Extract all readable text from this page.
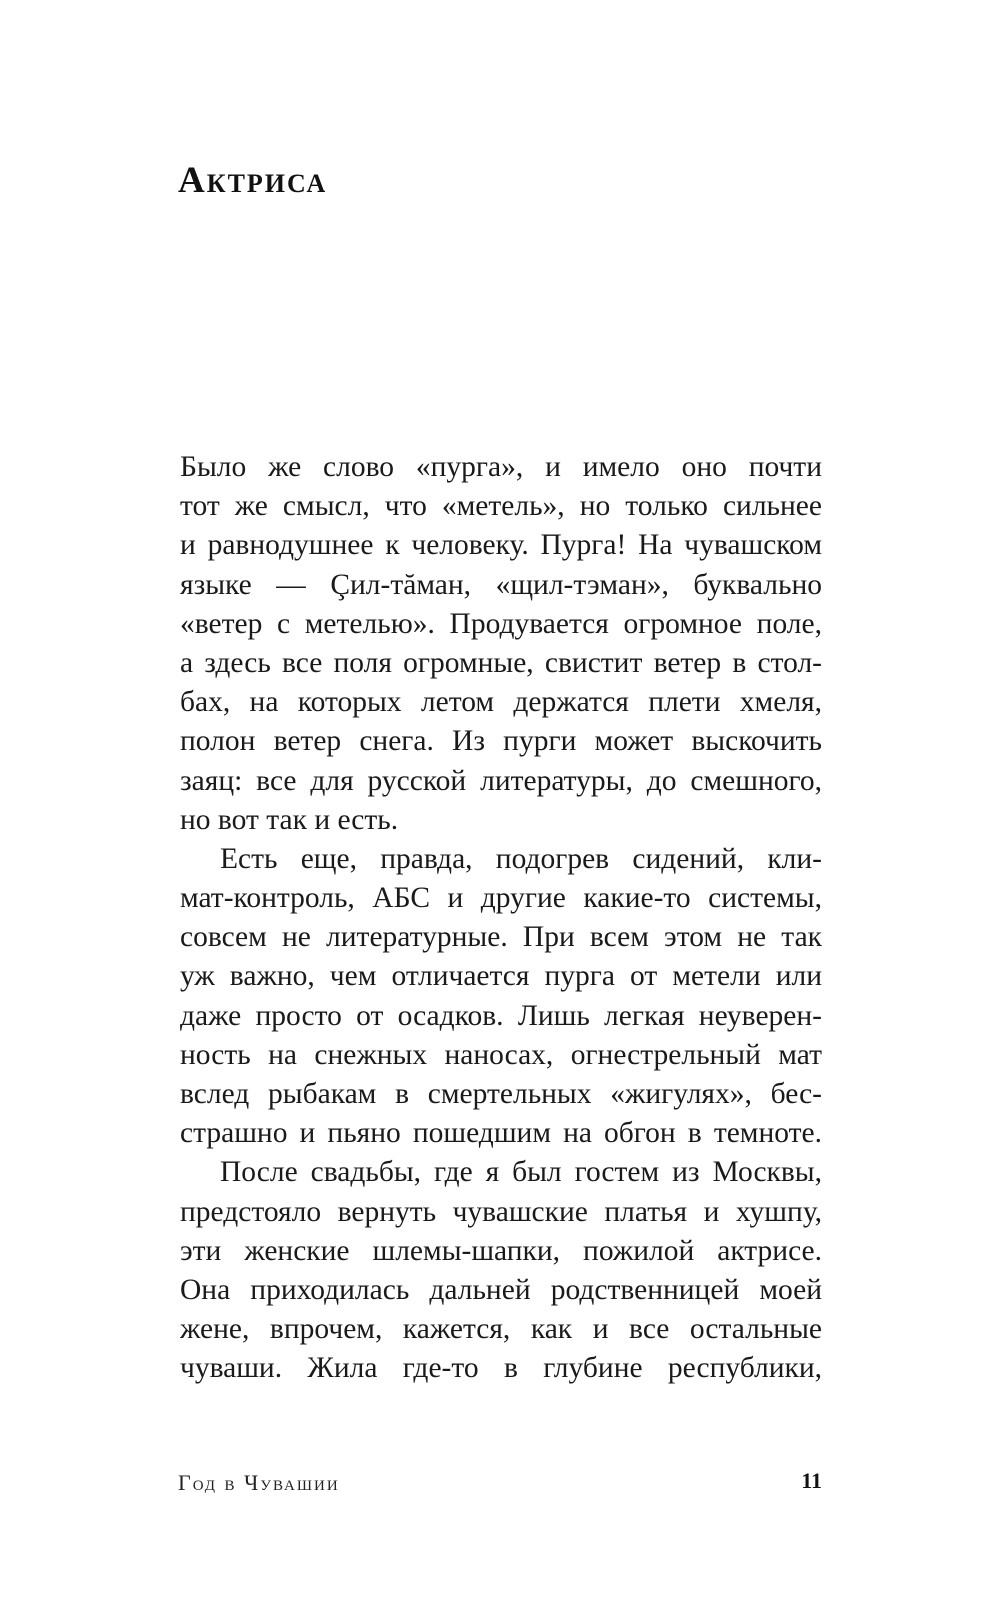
Актриса

Было же слово «пурга», и имело оно почти
тот же смысл, что «метель», но только сильнее
и равнодушнее к человеку. Пурга! На чувашском
языке — Çил-тăман, «щил-тэман», буквально
«ветер с метелью». Продувается огромное поле,
а здесь все поля огромные, свистит ветер в стол-
бах, на которых летом держатся плети хмеля,
полон ветер снега. Из пурги может выскочить
заяц: все для русской литературы, до смешного,
но вот так и есть.

Есть еще, правда, подогрев сидений, кли-
мат-контроль, АБС и другие какие-то системы,
совсем не литературные. При всем этом не так
уж важно, чем отличается пурга от метели или
даже просто от осадков. Лишь легкая неуверен-
ность на снежных наносах, огнестрельный мат
вслед рыбакам в смертельных «жигулях», бес-
страшно и пьяно пошедшим на обгон в темноте.

После свадьбы, где я был гостем из Москвы,
предстояло вернуть чувашские платья и хушпу,
эти женские шлемы-шапки, пожилой актрисе.
Она приходилась дальней родственницей моей
жене, впрочем, кажется, как и все остальные
чуваши. Жила где-то в глубине республики,

Год в Чувашии	11
